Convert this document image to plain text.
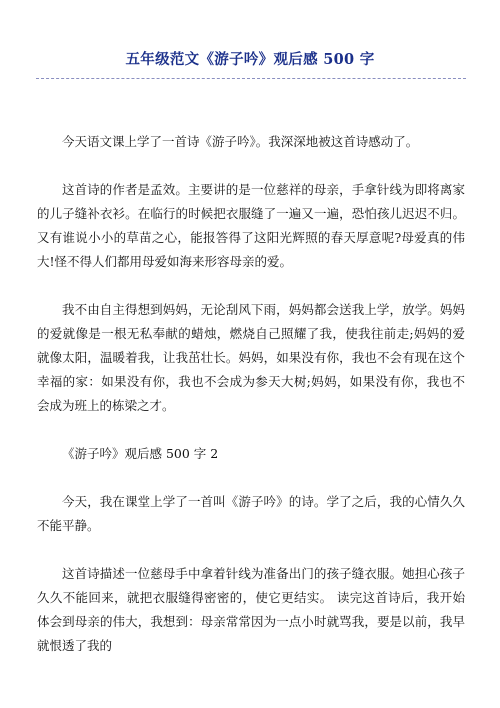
五年级范文《游子吟》观后感 500 字

今天语文课上学了一首诗《游子吟》。我深深地被这首诗感动了。

这首诗的作者是孟效。主要讲的是一位慈祥的母亲，手拿针线为即将离家的儿子缝补衣衫。在临行的时候把衣服缝了一遍又一遍，恐怕孩儿迟迟不归。又有谁说小小的草苗之心，能报答得了这阳光辉照的春天厚意呢?母爱真的伟大!怪不得人们都用母爱如海来形容母亲的爱。

我不由自主得想到妈妈，无论刮风下雨，妈妈都会送我上学，放学。妈妈的爱就像是一根无私奉献的蜡烛，燃烧自己照耀了我，使我往前走;妈妈的爱就像太阳，温暖着我，让我茁壮长。妈妈，如果没有你，我也不会有现在这个幸福的家：如果没有你，我也不会成为参天大树;妈妈，如果没有你，我也不会成为班上的栋梁之才。

《游子吟》观后感 500 字 2

今天，我在课堂上学了一首叫《游子吟》的诗。学了之后，我的心情久久不能平静。

这首诗描述一位慈母手中拿着针线为准备出门的孩子缝衣服。她担心孩子久久不能回来，就把衣服缝得密密的，使它更结实。 读完这首诗后，我开始体会到母亲的伟大，我想到：母亲常常因为一点小时就骂我，要是以前，我早就恨透了我的
